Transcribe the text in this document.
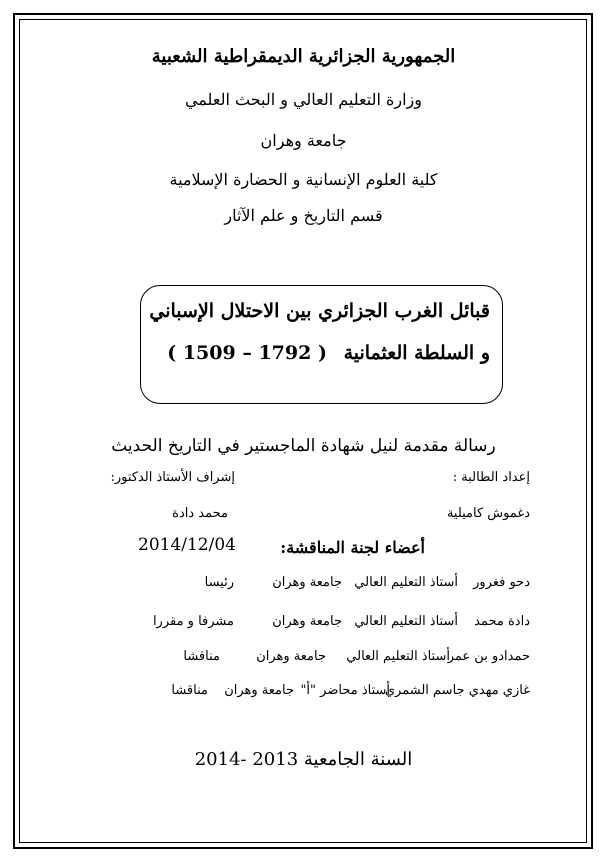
الجمهورية الجزائرية الديمقراطية الشعبية
وزارة التعليم العالي و البحث العلمي
جامعة وهران
كلية العلوم الإنسانية و الحضارة الإسلامية
قسم التاريخ و علم الآثار
قبائل الغرب الجزائري بين الاحتلال الإسباني
و السلطة العثمانية ( 1509 – 1792 )
رسالة مقدمة لنيل شهادة الماجستير في التاريخ الحديث
إعداد الطالبة :
إشراف الأستاذ الدكتور:
دغموش كاميلية
محمد دادة
أعضاء لجنة المناقشة:
2014/12/04
دحو فغرورأستاذ التعليم العاليجامعة وهرانرئيسا
دادة محمدأستاذ التعليم العاليجامعة وهرانمشرفا و مقررا
حمدادو بن عمرأستاذ التعليم العاليجامعة وهرانمناقشا
غازي مهدي جاسم الشمريأستاذ محاضر "أ"جامعة وهرانمناقشا
السنة الجامعية 2013 -2014
